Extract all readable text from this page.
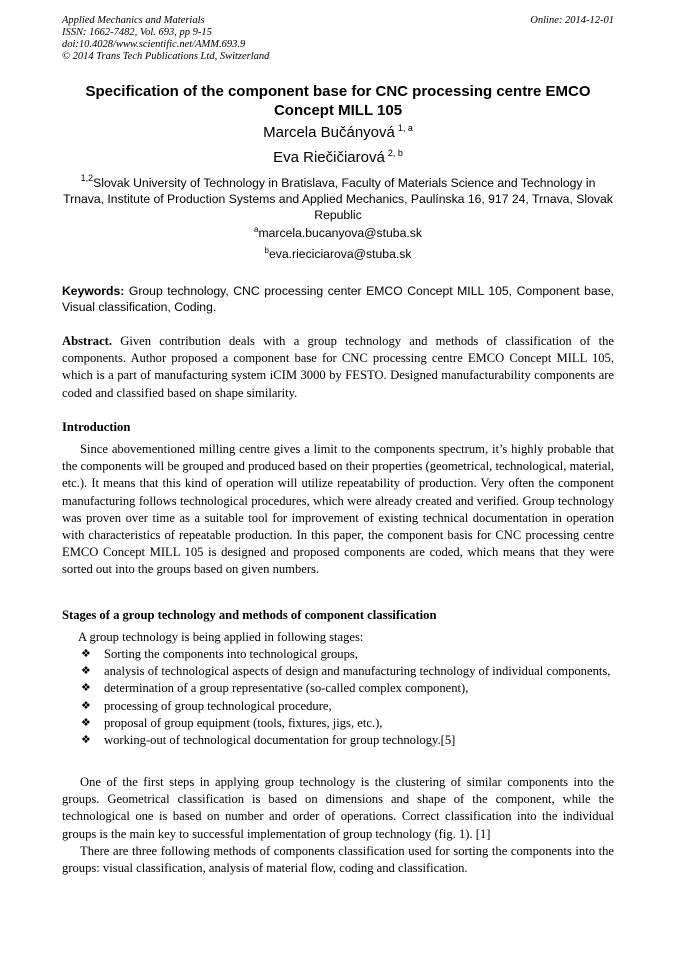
Applied Mechanics and Materials
ISSN: 1662-7482, Vol. 693, pp 9-15
doi:10.4028/www.scientific.net/AMM.693.9
© 2014 Trans Tech Publications Ltd, Switzerland
Online: 2014-12-01
Specification of the component base for CNC processing centre EMCO Concept MILL 105
Marcela Bučányová $^{1, a}$
Eva Riečičiarová $^{2, b}$
$^{1,2}$Slovak University of Technology in Bratislava, Faculty of Materials Science and Technology in Trnava, Institute of Production Systems and Applied Mechanics, Paulínska 16, 917 24, Trnava, Slovak Republic
$^a$marcela.bucanyova@stuba.sk
$^b$eva.rieciciarova@stuba.sk
Keywords: Group technology, CNC processing center EMCO Concept MILL 105, Component base, Visual classification, Coding.
Abstract. Given contribution deals with a group technology and methods of classification of the components. Author proposed a component base for CNC processing centre EMCO Concept MILL 105, which is a part of manufacturing system iCIM 3000 by FESTO. Designed manufacturability components are coded and classified based on shape similarity.
Introduction
Since abovementioned milling centre gives a limit to the components spectrum, it’s highly probable that the components will be grouped and produced based on their properties (geometrical, technological, material, etc.). It means that this kind of operation will utilize repeatability of production. Very often the component manufacturing follows technological procedures, which were already created and verified. Group technology was proven over time as a suitable tool for improvement of existing technical documentation in operation with characteristics of repeatable production. In this paper, the component basis for CNC processing centre EMCO Concept MILL 105 is designed and proposed components are coded, which means that they were sorted out into the groups based on given numbers.
Stages of a group technology and methods of component classification
A group technology is being applied in following stages:
❖ Sorting the components into technological groups,
❖ analysis of technological aspects of design and manufacturing technology of individual components,
❖ determination of a group representative (so-called complex component),
❖ processing of group technological procedure,
❖ proposal of group equipment (tools, fixtures, jigs, etc.),
❖ working-out of technological documentation for group technology.[5]
One of the first steps in applying group technology is the clustering of similar components into the groups. Geometrical classification is based on dimensions and shape of the component, while the technological one is based on number and order of operations. Correct classification into the individual groups is the main key to successful implementation of group technology (fig. 1). [1]
There are three following methods of components classification used for sorting the components into the groups: visual classification, analysis of material flow, coding and classification.
